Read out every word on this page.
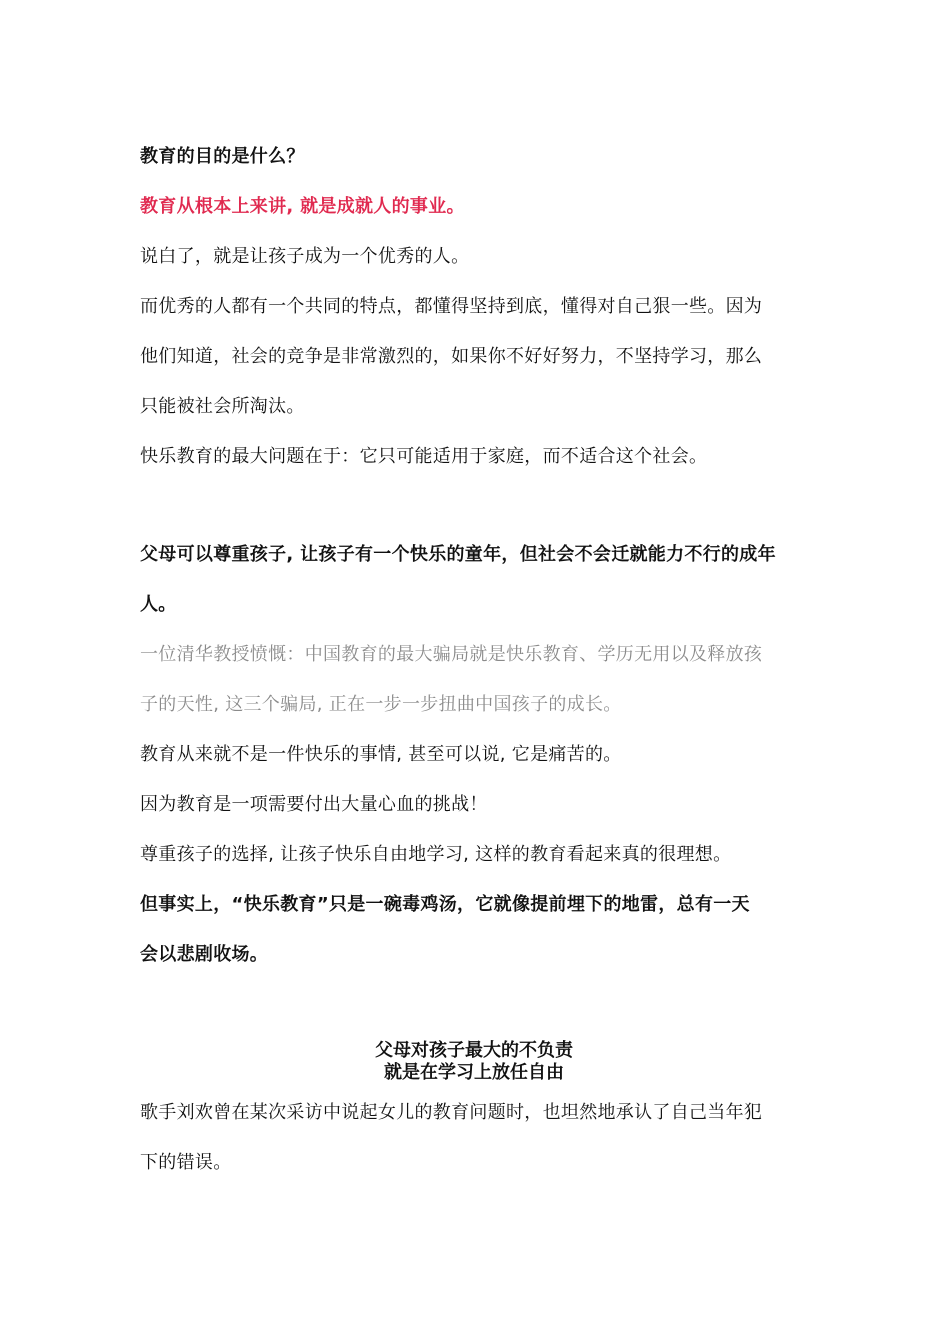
教育的目的是什么？
教育从根本上来讲, 就是成就人的事业。
说白了，就是让孩子成为一个优秀的人。
而优秀的人都有一个共同的特点，都懂得坚持到底，懂得对自己狠一些。因为
他们知道，社会的竞争是非常激烈的，如果你不好好努力，不坚持学习，那么
只能被社会所淘汰。
快乐教育的最大问题在于：它只可能适用于家庭，而不适合这个社会。
父母可以尊重孩子, 让孩子有一个快乐的童年，但社会不会迁就能力不行的成年
人。
一位清华教授愤慨：中国教育的最大骗局就是快乐教育、学历无用以及释放孩
子的天性, 这三个骗局, 正在一步一步扭曲中国孩子的成长。
教育从来就不是一件快乐的事情, 甚至可以说, 它是痛苦的。
因为教育是一项需要付出大量心血的挑战！
尊重孩子的选择, 让孩子快乐自由地学习, 这样的教育看起来真的很理想。
但事实上，“快乐教育”只是一碗毒鸡汤，它就像提前埋下的地雷，总有一天
会以悲剧收场。
父母对孩子最大的不负责
就是在学习上放任自由
歌手刘欢曾在某次采访中说起女儿的教育问题时，也坦然地承认了自己当年犯
下的错误。
